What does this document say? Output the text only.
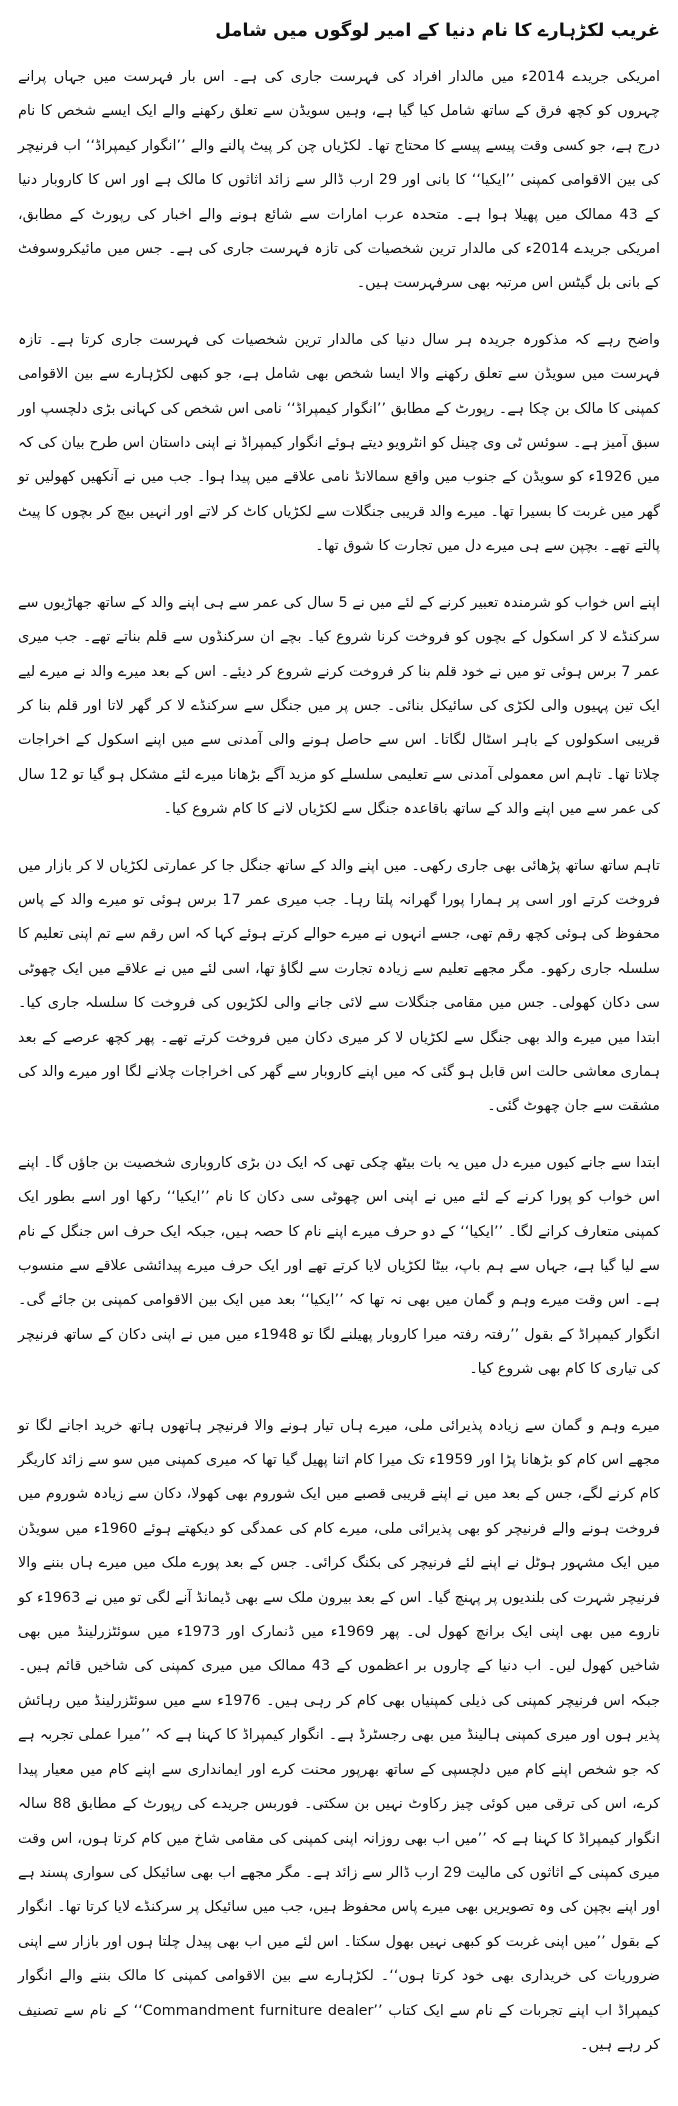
غریب لکڑہارے کا نام دنیا کے امیر لوگوں میں شامل

امریکی جریدے 2014ء میں مالدار افراد کی فہرست جاری کی ہے۔ اس بار فہرست میں جہاں پرانے چہروں کو کچھ فرق کے ساتھ شامل کیا گیا ہے، وہیں سویڈن سے تعلق رکھنے والے ایک ایسے شخص کا نام درج ہے، جو کسی وقت پیسے پیسے کا محتاج تھا۔ لکڑیاں چن کر پیٹ پالنے والے ’’انگوار کیمپراڈ‘‘ اب فرنیچر کی بین الاقوامی کمپنی ’’ایکیا‘‘ کا بانی اور 29 ارب ڈالر سے زائد اثاثوں کا مالک ہے اور اس کا کاروبار دنیا کے 43 ممالک میں پھیلا ہوا ہے۔ متحدہ عرب امارات سے شائع ہونے والے اخبار کی رپورٹ کے مطابق، امریکی جریدے 2014ء کی مالدار ترین شخصیات کی تازہ فہرست جاری کی ہے۔ جس میں مائیکروسوفٹ کے بانی بل گیٹس اس مرتبہ بھی سرفہرست ہیں۔

واضح رہے کہ مذکورہ جریدہ ہر سال دنیا کی مالدار ترین شخصیات کی فہرست جاری کرتا ہے۔ تازہ فہرست میں سویڈن سے تعلق رکھنے والا ایسا شخص بھی شامل ہے، جو کبھی لکڑہارے سے بین الاقوامی کمپنی کا مالک بن چکا ہے۔ رپورٹ کے مطابق ’’انگوار کیمپراڈ‘‘ نامی اس شخص کی کہانی بڑی دلچسپ اور سبق آمیز ہے۔ سوئس ٹی وی چینل کو انٹرویو دیتے ہوئے انگوار کیمپراڈ نے اپنی داستان اس طرح بیان کی کہ میں 1926ء کو سویڈن کے جنوب میں واقع سمالانڈ نامی علاقے میں پیدا ہوا۔ جب میں نے آنکھیں کھولیں تو گھر میں غربت کا بسیرا تھا۔ میرے والد قریبی جنگلات سے لکڑیاں کاٹ کر لاتے اور انہیں بیچ کر بچوں کا پیٹ پالتے تھے۔ بچپن سے ہی میرے دل میں تجارت کا شوق تھا۔

اپنے اس خواب کو شرمندہ تعبیر کرنے کے لئے میں نے 5 سال کی عمر سے ہی اپنے والد کے ساتھ جھاڑیوں سے سرکنڈے لا کر اسکول کے بچوں کو فروخت کرنا شروع کیا۔ بچے ان سرکنڈوں سے قلم بناتے تھے۔ جب میری عمر 7 برس ہوئی تو میں نے خود قلم بنا کر فروخت کرنے شروع کر دیئے۔ اس کے بعد میرے والد نے میرے لیے ایک تین پہیوں والی لکڑی کی سائیکل بنائی۔ جس پر میں جنگل سے سرکنڈے لا کر گھر لاتا اور قلم بنا کر قریبی اسکولوں کے باہر اسٹال لگاتا۔ اس سے حاصل ہونے والی آمدنی سے میں اپنے اسکول کے اخراجات چلاتا تھا۔ تاہم اس معمولی آمدنی سے تعلیمی سلسلے کو مزید آگے بڑھانا میرے لئے مشکل ہو گیا تو 12 سال کی عمر سے میں اپنے والد کے ساتھ باقاعدہ جنگل سے لکڑیاں لانے کا کام شروع کیا۔

تاہم ساتھ ساتھ پڑھائی بھی جاری رکھی۔ میں اپنے والد کے ساتھ جنگل جا کر عمارتی لکڑیاں لا کر بازار میں فروخت کرتے اور اسی پر ہمارا پورا گھرانہ پلتا رہا۔ جب میری عمر 17 برس ہوئی تو میرے والد کے پاس محفوظ کی ہوئی کچھ رقم تھی، جسے انہوں نے میرے حوالے کرتے ہوئے کہا کہ اس رقم سے تم اپنی تعلیم کا سلسلہ جاری رکھو۔ مگر مجھے تعلیم سے زیادہ تجارت سے لگاؤ تھا، اسی لئے میں نے علاقے میں ایک چھوٹی سی دکان کھولی۔ جس میں مقامی جنگلات سے لائی جانے والی لکڑیوں کی فروخت کا سلسلہ جاری کیا۔ ابتدا میں میرے والد بھی جنگل سے لکڑیاں لا کر میری دکان میں فروخت کرتے تھے۔ پھر کچھ عرصے کے بعد ہماری معاشی حالت اس قابل ہو گئی کہ میں اپنے کاروبار سے گھر کی اخراجات چلانے لگا اور میرے والد کی مشقت سے جان چھوٹ گئی۔

ابتدا سے جانے کیوں میرے دل میں یہ بات بیٹھ چکی تھی کہ ایک دن بڑی کاروباری شخصیت بن جاؤں گا۔ اپنے اس خواب کو پورا کرنے کے لئے میں نے اپنی اس چھوٹی سی دکان کا نام ’’ایکیا‘‘ رکھا اور اسے بطور ایک کمپنی متعارف کرانے لگا۔ ’’ایکیا‘‘ کے دو حرف میرے اپنے نام کا حصہ ہیں، جبکہ ایک حرف اس جنگل کے نام سے لیا گیا ہے، جہاں سے ہم باپ، بیٹا لکڑیاں لایا کرتے تھے اور ایک حرف میرے پیدائشی علاقے سے منسوب ہے۔ اس وقت میرے وہم و گمان میں بھی نہ تھا کہ ’’ایکیا‘‘ بعد میں ایک بین الاقوامی کمپنی بن جائے گی۔ انگوار کیمپراڈ کے بقول ’’رفتہ رفتہ میرا کاروبار پھیلنے لگا تو 1948ء میں میں نے اپنی دکان کے ساتھ فرنیچر کی تیاری کا کام بھی شروع کیا۔

میرے وہم و گمان سے زیادہ پذیرائی ملی، میرے ہاں تیار ہونے والا فرنیچر ہاتھوں ہاتھ خرید اجانے لگا تو مجھے اس کام کو بڑھانا پڑا اور 1959ء تک میرا کام اتنا پھیل گیا تھا کہ میری کمپنی میں سو سے زائد کاریگر کام کرنے لگے، جس کے بعد میں نے اپنے قریبی قصبے میں ایک شوروم بھی کھولا، دکان سے زیادہ شوروم میں فروخت ہونے والے فرنیچر کو بھی پذیرائی ملی، میرے کام کی عمدگی کو دیکھتے ہوئے 1960ء میں سویڈن میں ایک مشہور ہوٹل نے اپنے لئے فرنیچر کی بکنگ کرائی۔ جس کے بعد پورے ملک میں میرے ہاں بننے والا فرنیچر شہرت کی بلندیوں پر پہنچ گیا۔ اس کے بعد بیرون ملک سے بھی ڈیمانڈ آنے لگی تو میں نے 1963ء کو ناروے میں بھی اپنی ایک برانچ کھول لی۔ پھر 1969ء میں ڈنمارک اور 1973ء میں سوئٹزرلینڈ میں بھی شاخیں کھول لیں۔ اب دنیا کے چاروں بر اعظموں کے 43 ممالک میں میری کمپنی کی شاخیں قائم ہیں۔ جبکہ اس فرنیچر کمپنی کی ذیلی کمپنیاں بھی کام کر رہی ہیں۔ 1976ء سے میں سوئٹزرلینڈ میں رہائش پذیر ہوں اور میری کمپنی ہالینڈ میں بھی رجسٹرڈ ہے۔ انگوار کیمپراڈ کا کہنا ہے کہ ’’میرا عملی تجربہ ہے کہ جو شخص اپنے کام میں دلچسپی کے ساتھ بھرپور محنت کرے اور ایمانداری سے اپنے کام میں معیار پیدا کرے، اس کی ترقی میں کوئی چیز رکاوٹ نہیں بن سکتی۔ فوربس جریدے کی رپورٹ کے مطابق 88 سالہ انگوار کیمپراڈ کا کہنا ہے کہ ’’میں اب بھی روزانہ اپنی کمپنی کی مقامی شاخ میں کام کرتا ہوں، اس وقت میری کمپنی کے اثاثوں کی مالیت 29 ارب ڈالر سے زائد ہے۔ مگر مجھے اب بھی سائیکل کی سواری پسند ہے اور اپنے بچپن کی وہ تصویریں بھی میرے پاس محفوظ ہیں، جب میں سائیکل پر سرکنڈے لایا کرتا تھا۔ انگوار کے بقول ’’میں اپنی غربت کو کبھی نہیں بھول سکتا۔ اس لئے میں اب بھی پیدل چلتا ہوں اور بازار سے اپنی ضروریات کی خریداری بھی خود کرتا ہوں‘‘۔ لکڑہارے سے بین الاقوامی کمپنی کا مالک بننے والے انگوار کیمپراڈ اب اپنے تجربات کے نام سے ایک کتاب ’’Commandment furniture dealer‘‘ کے نام سے تصنیف کر رہے ہیں۔
